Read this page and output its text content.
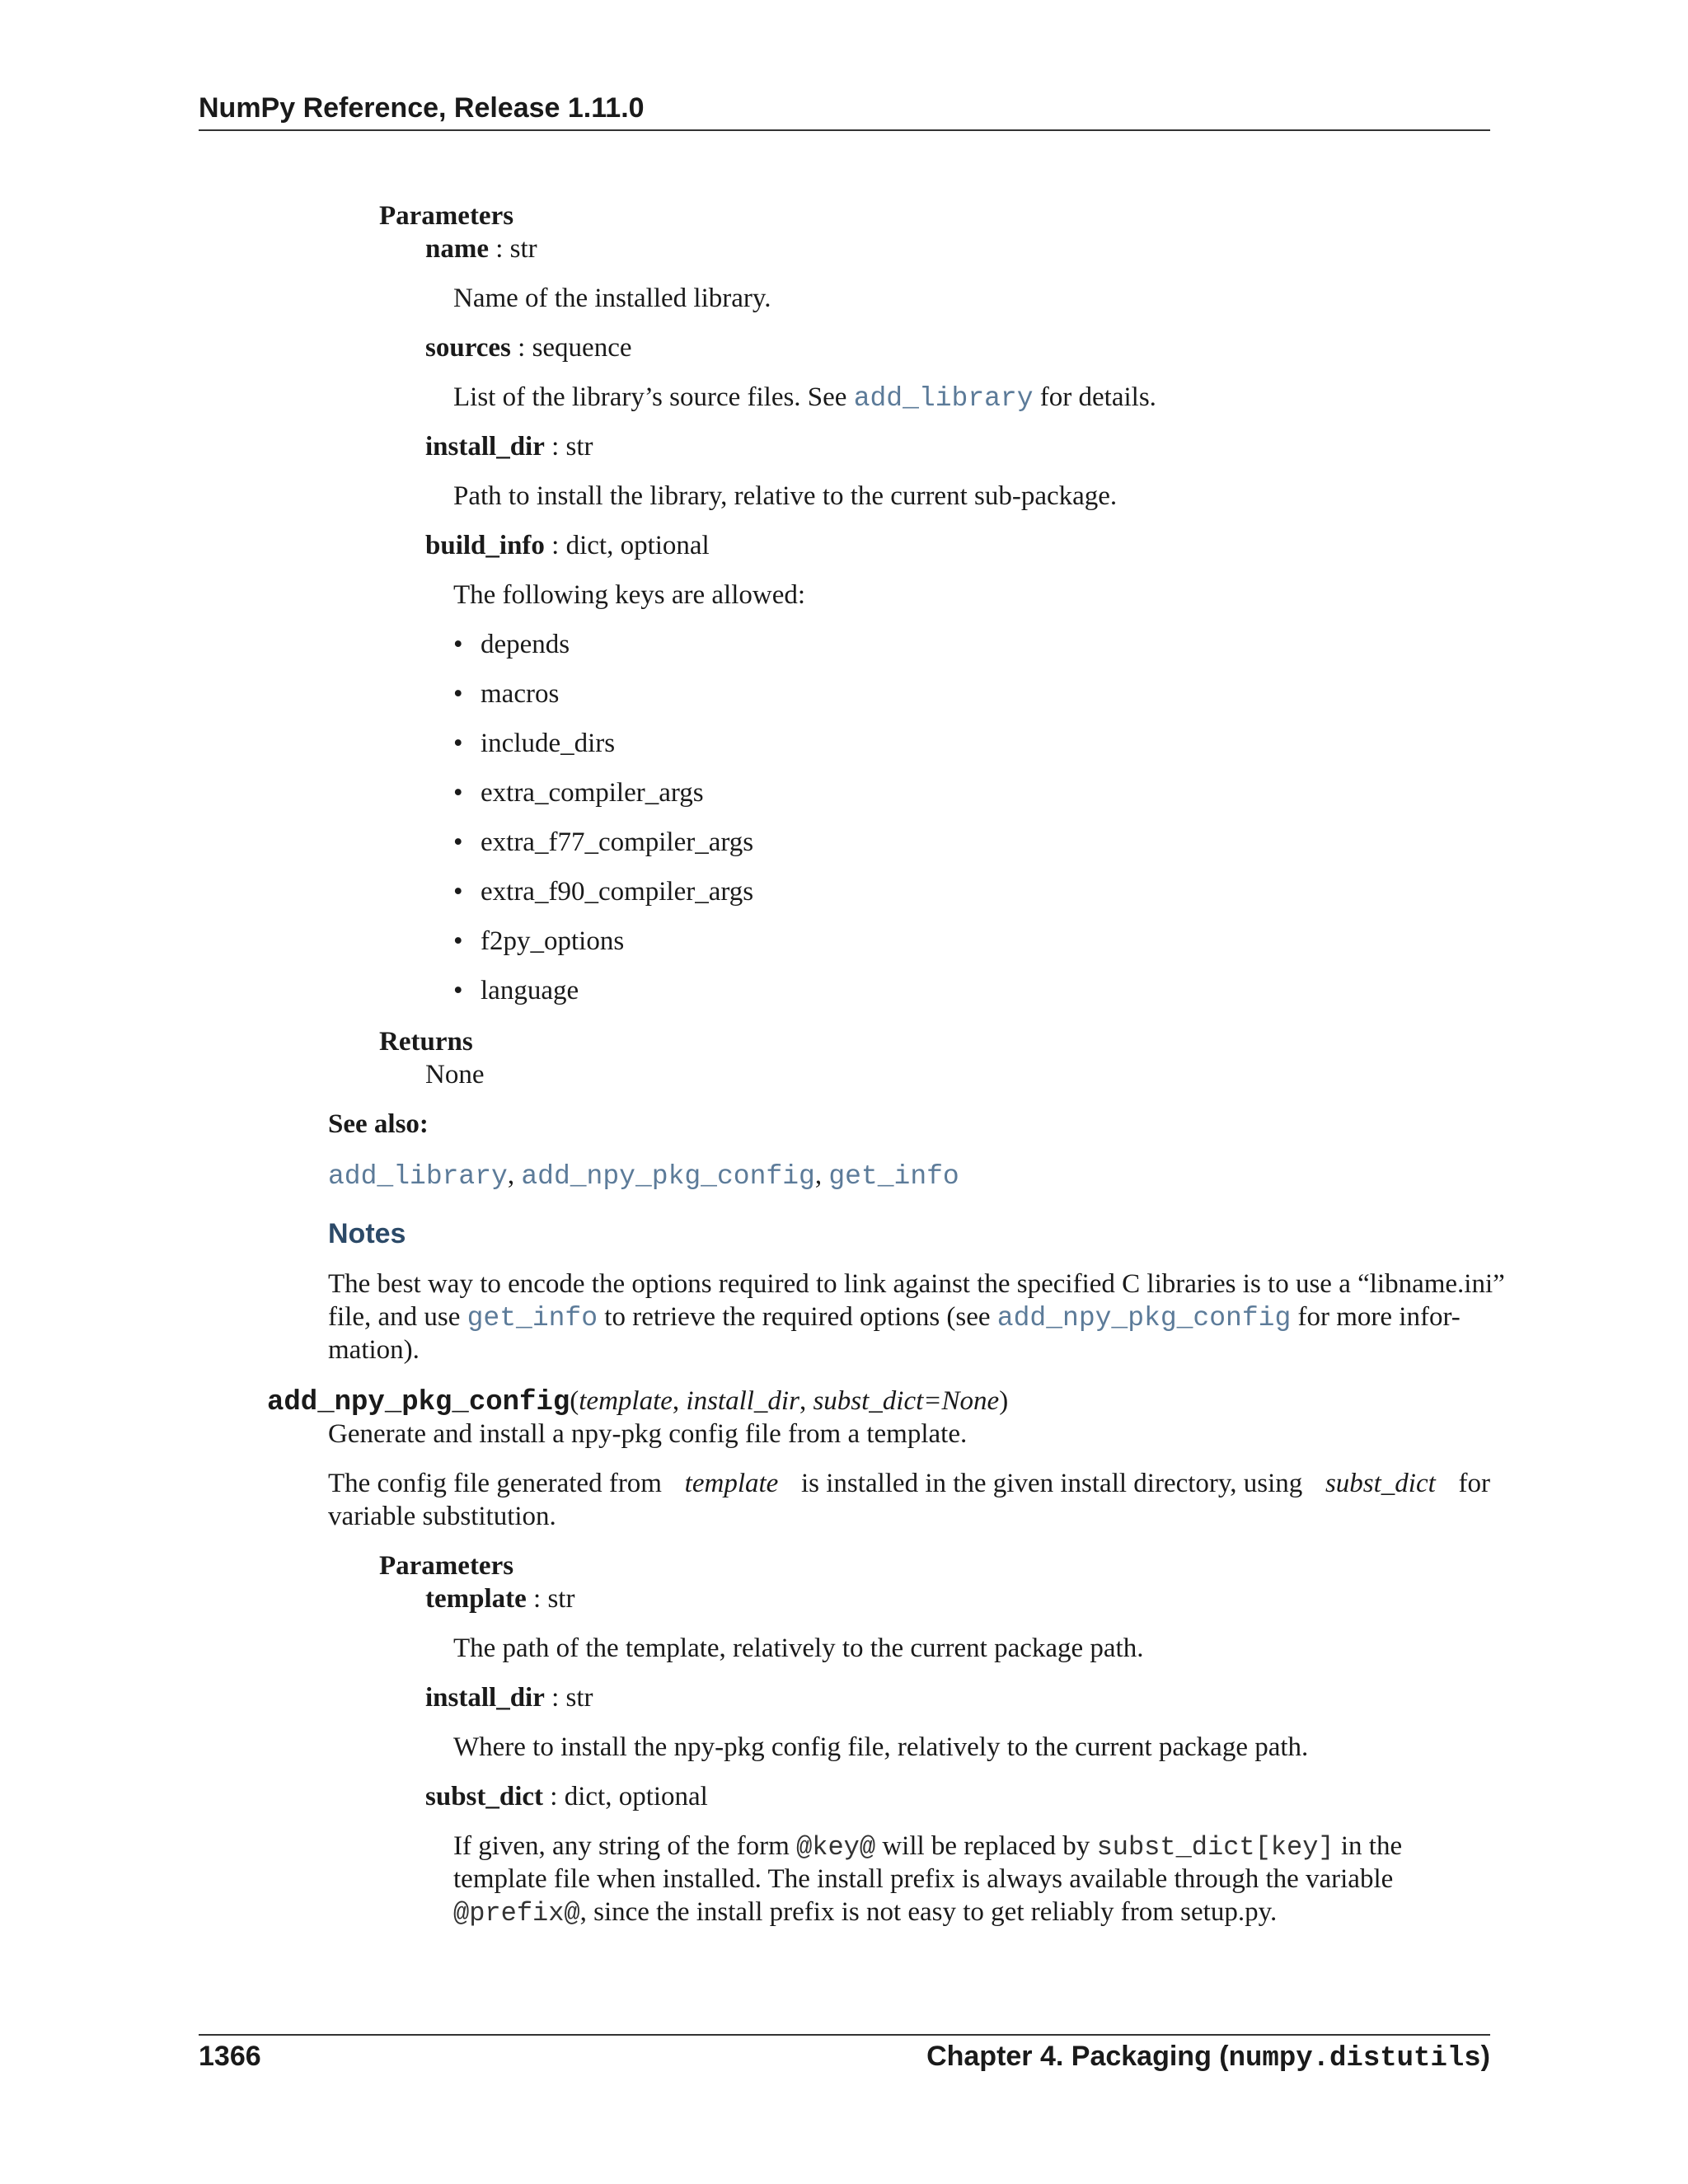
NumPy Reference, Release 1.11.0
Parameters
name : str
Name of the installed library.
sources : sequence
List of the library’s source files. See add_library for details.
install_dir : str
Path to install the library, relative to the current sub-package.
build_info : dict, optional
The following keys are allowed:
• depends
• macros
• include_dirs
• extra_compiler_args
• extra_f77_compiler_args
• extra_f90_compiler_args
• f2py_options
• language
Returns
None
See also:
add_library, add_npy_pkg_config, get_info
Notes
The best way to encode the options required to link against the specified C libraries is to use a “libname.ini”
file, and use get_info to retrieve the required options (see add_npy_pkg_config for more infor-
mation).
add_npy_pkg_config(template, install_dir, subst_dict=None)
Generate and install a npy-pkg config file from a template.
The config file generated from template is installed in the given install directory, using subst_dict for
variable substitution.
Parameters
template : str
The path of the template, relatively to the current package path.
install_dir : str
Where to install the npy-pkg config file, relatively to the current package path.
subst_dict : dict, optional
If given, any string of the form @key@ will be replaced by subst_dict[key] in the
template file when installed. The install prefix is always available through the variable
@prefix@, since the install prefix is not easy to get reliably from setup.py.
1366	Chapter 4. Packaging (numpy.distutils)
